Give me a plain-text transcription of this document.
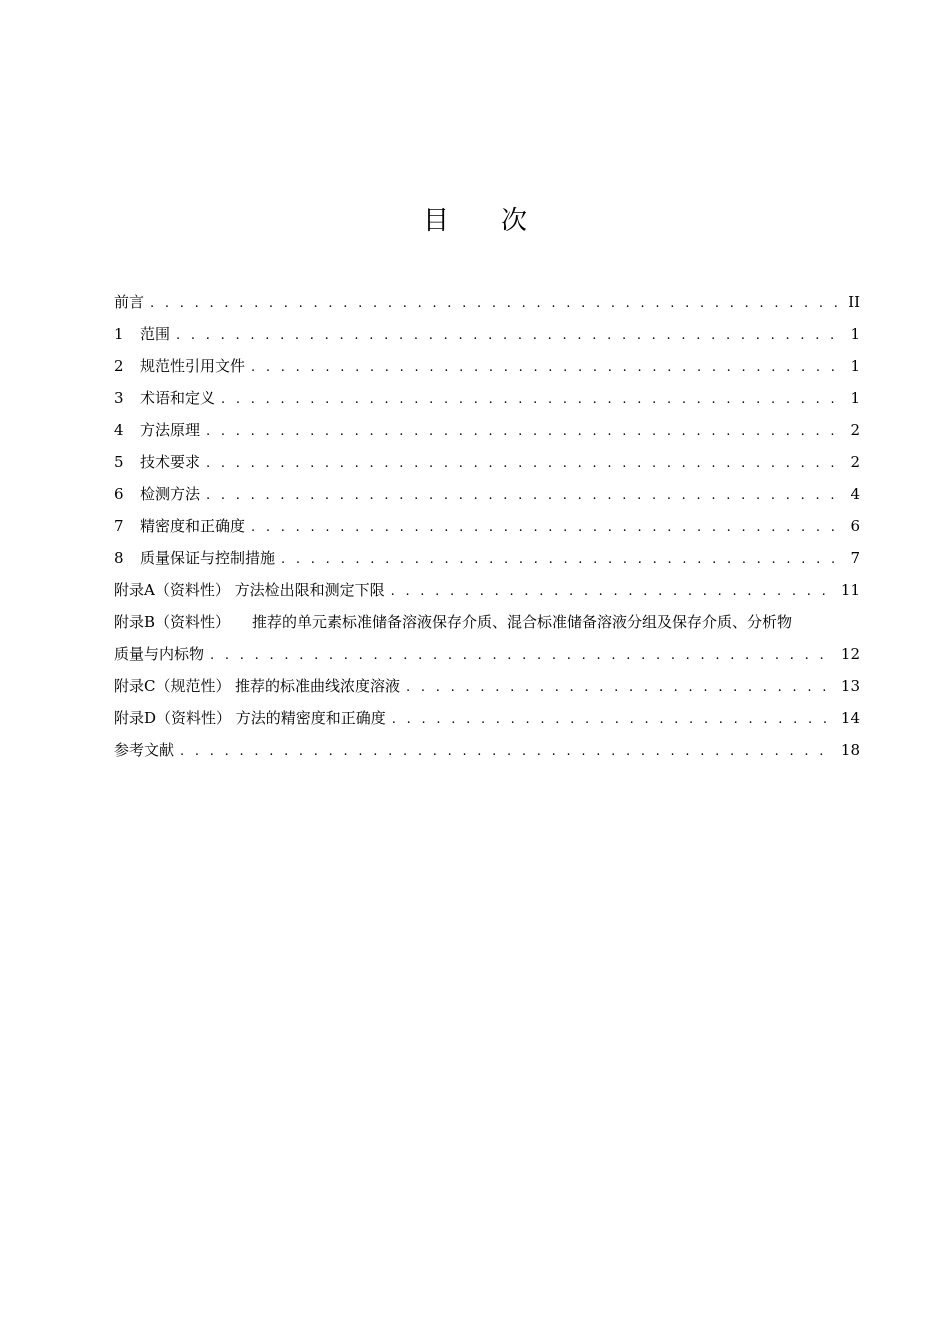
目 次
前言 . . .	II
1	范围 . . .	1
2	规范性引用文件 . . .	1
3	术语和定义 . . .	1
4	方法原理 . . .	2
5	技术要求 . . .	2
6	检测方法 . . .	4
7	精密度和正确度 . . .	6
8	质量保证与控制措施 . . .	7
附录A（资料性） 方法检出限和测定下限 . . .	11
附录B（资料性） 推荐的单元素标准储备溶液保存介质、混合标准储备溶液分组及保存介质、分析物
质量与内标物 . . .	12
附录C（规范性） 推荐的标准曲线浓度溶液 . . .	13
附录D（资料性） 方法的精密度和正确度 . . .	14
参考文献 . . .	18
